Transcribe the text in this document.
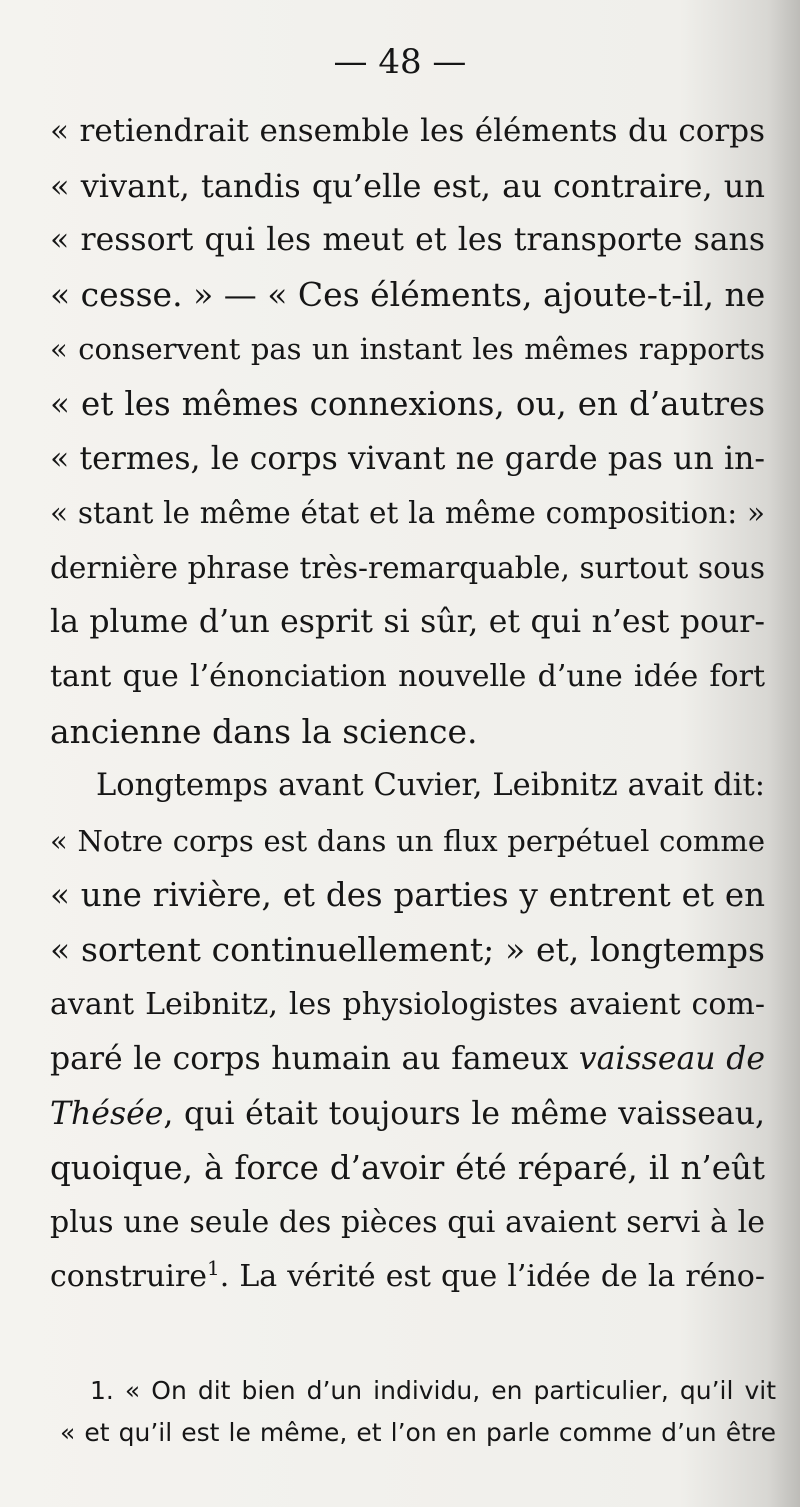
— 48 —
« retiendrait ensemble les éléments du corps
« vivant, tandis qu’elle est, au contraire, un
« ressort qui les meut et les transporte sans
« cesse. » — « Ces éléments, ajoute-t-il, ne
« conservent pas un instant les mêmes rapports
« et les mêmes connexions, ou, en d’autres
« termes, le corps vivant ne garde pas un in-
« stant le même état et la même composition: »
dernière phrase très-remarquable, surtout sous
la plume d’un esprit si sûr, et qui n’est pour-
tant que l’énonciation nouvelle d’une idée fort
ancienne dans la science.
Longtemps avant Cuvier, Leibnitz avait dit:
« Notre corps est dans un flux perpétuel comme
« une rivière, et des parties y entrent et en
« sortent continuellement; » et, longtemps
avant Leibnitz, les physiologistes avaient com-
paré le corps humain au fameux vaisseau de
Thésée, qui était toujours le même vaisseau,
quoique, à force d’avoir été réparé, il n’eût
plus une seule des pièces qui avaient servi à le
construire$^1$. La vérité est que l’idée de la réno-
1. « On dit bien d’un individu, en particulier, qu’il vit
« et qu’il est le même, et l’on en parle comme d’un être
